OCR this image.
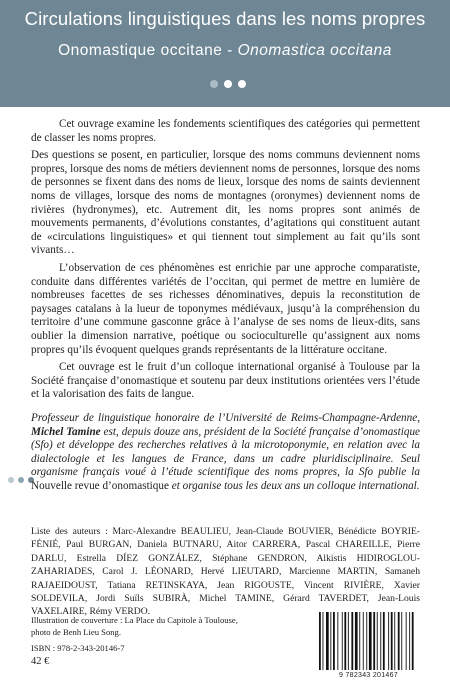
Circulations linguistiques dans les noms propres
Onomastique occitane - Onomastica occitana

Cet ouvrage examine les fondements scientifiques des catégories qui permettent de classer les noms propres.

Des questions se posent, en particulier, lorsque des noms communs deviennent noms propres, lorsque des noms de métiers deviennent noms de personnes, lorsque des noms de personnes se fixent dans des noms de lieux, lorsque des noms de saints deviennent noms de villages, lorsque des noms de montagnes (oronymes) deviennent noms de rivières (hydronymes), etc. Autrement dit, les noms propres sont animés de mouvements permanents, d’évolutions constantes, d’agitations qui constituent autant de «circulations linguistiques» et qui tiennent tout simplement au fait qu’ils sont vivants…

L’observation de ces phénomènes est enrichie par une approche comparatiste, conduite dans différentes variétés de l’occitan, qui permet de mettre en lumière de nombreuses facettes de ses richesses dénominatives, depuis la reconstitution de paysages catalans à la lueur de toponymes médiévaux, jusqu’à la compréhension du territoire d’une commune gasconne grâce à l’analyse de ses noms de lieux-dits, sans oublier la dimension narrative, poétique ou socioculturelle qu’assignent aux noms propres qu’ils évoquent quelques grands représentants de la littérature occitane.

Cet ouvrage est le fruit d’un colloque international organisé à Toulouse par la Société française d’onomastique et soutenu par deux institutions orientées vers l’étude et la valorisation des faits de langue.

Professeur de linguistique honoraire de l’Université de Reims-Champagne-Ardenne, Michel Tamine est, depuis douze ans, président de la Société française d’onomastique (Sfo) et développe des recherches relatives à la microtoponymie, en relation avec la dialectologie et les langues de France, dans un cadre pluridisciplinaire. Seul organisme français voué à l’étude scientifique des noms propres, la Sfo publie la Nouvelle revue d’onomastique et organise tous les deux ans un colloque international.
Liste des auteurs : Marc-Alexandre BEAULIEU, Jean-Claude BOUVIER, Bénédicte BOYRIE-FÉNIÉ, Paul BURGAN, Daniela BUTNARU, Aitor CARRERA, Pascal CHAREILLE, Pierre DARLU, Estrella DÍEZ GONZÁLEZ, Stéphane GENDRON, Alkistis HIDIROGLOU-ZAHARIADES, Carol J. LÉONARD, Hervé LIEUTARD, Marcienne MARTIN, Samaneh RAJAEIDOUST, Tatiana RETINSKAYA, Jean RIGOUSTE, Vincent RIVIÈRE, Xavier SOLDEVILA, Jordi Suïls SUBIRÀ, Michel TAMINE, Gérard TAVERDET, Jean-Louis VAXELAIRE, Rémy VERDO.
Illustration de couverture : La Place du Capitole à Toulouse,
photo de Benh Lieu Song.
ISBN : 978-2-343-20146-7
42 €
9 782343 201467
